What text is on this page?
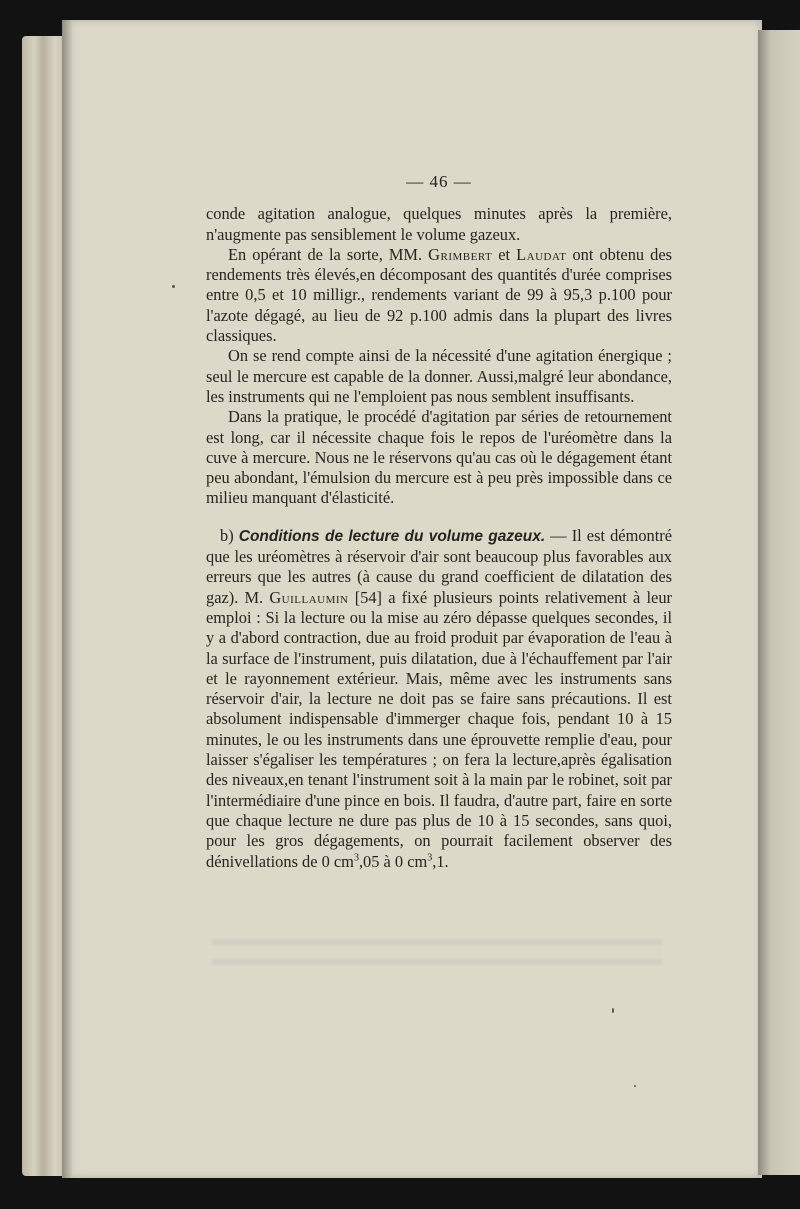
— 46 —

conde agitation analogue, quelques minutes après la première, n'augmente pas sensiblement le volume gazeux.

En opérant de la sorte, MM. Grimbert et Laudat ont obtenu des rendements très élevés,en décomposant des quantités d'urée comprises entre 0,5 et 10 milligr., rendements variant de 99 à 95,3 p.100 pour l'azote dégagé, au lieu de 92 p.100 admis dans la plupart des livres classiques.

On se rend compte ainsi de la nécessité d'une agitation énergique ; seul le mercure est capable de la donner. Aussi,malgré leur abondance, les instruments qui ne l'emploient pas nous semblent insuffisants.

Dans la pratique, le procédé d'agitation par séries de retournement est long, car il nécessite chaque fois le repos de l'uréomètre dans la cuve à mercure. Nous ne le réservons qu'au cas où le dégagement étant peu abondant, l'émulsion du mercure est à peu près impossible dans ce milieu manquant d'élasticité.

b) Conditions de lecture du volume gazeux. — Il est démontré que les uréomètres à réservoir d'air sont beaucoup plus favorables aux erreurs que les autres (à cause du grand coefficient de dilatation des gaz). M. Guillaumin [54] a fixé plusieurs points relativement à leur emploi : Si la lecture ou la mise au zéro dépasse quelques secondes, il y a d'abord contraction, due au froid produit par évaporation de l'eau à la surface de l'instrument, puis dilatation, due à l'échauffement par l'air et le rayonnement extérieur. Mais, même avec les instruments sans réservoir d'air, la lecture ne doit pas se faire sans précautions. Il est absolument indispensable d'immerger chaque fois, pendant 10 à 15 minutes, le ou les instruments dans une éprouvette remplie d'eau, pour laisser s'égaliser les températures ; on fera la lecture,après égalisation des niveaux,en tenant l'instrument soit à la main par le robinet, soit par l'intermédiaire d'une pince en bois. Il faudra, d'autre part, faire en sorte que chaque lecture ne dure pas plus de 10 à 15 secondes, sans quoi, pour les gros dégagements, on pourrait facilement observer des dénivellations de 0 $cm^3,05$ à 0 $cm^3,1$.
